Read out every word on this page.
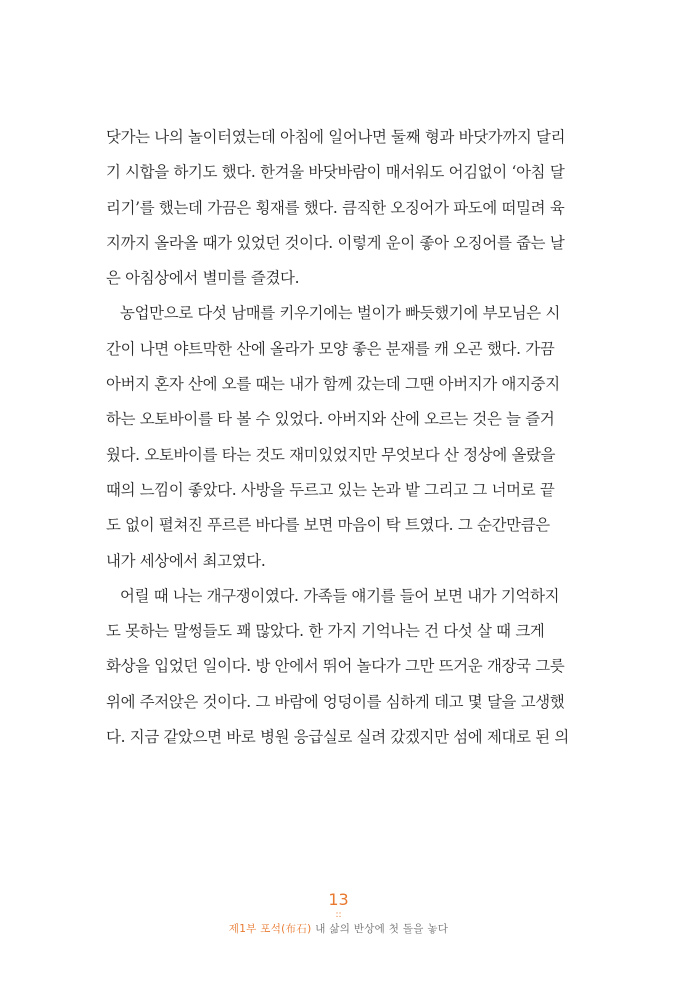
닷가는 나의 놀이터였는데 아침에 일어나면 둘째 형과 바닷가까지 달리
기 시합을 하기도 했다. 한겨울 바닷바람이 매서워도 어김없이 ‘아침 달
리기’를 했는데 가끔은 횡재를 했다. 큼직한 오징어가 파도에 떠밀려 육
지까지 올라올 때가 있었던 것이다. 이렇게 운이 좋아 오징어를 줍는 날
은 아침상에서 별미를 즐겼다.
농업만으로 다섯 남매를 키우기에는 벌이가 빠듯했기에 부모님은 시
간이 나면 야트막한 산에 올라가 모양 좋은 분재를 캐 오곤 했다. 가끔
아버지 혼자 산에 오를 때는 내가 함께 갔는데 그땐 아버지가 애지중지
하는 오토바이를 타 볼 수 있었다. 아버지와 산에 오르는 것은 늘 즐거
웠다. 오토바이를 타는 것도 재미있었지만 무엇보다 산 정상에 올랐을
때의 느낌이 좋았다. 사방을 두르고 있는 논과 밭 그리고 그 너머로 끝
도 없이 펼쳐진 푸르른 바다를 보면 마음이 탁 트였다. 그 순간만큼은
내가 세상에서 최고였다.
어릴 때 나는 개구쟁이였다. 가족들 얘기를 들어 보면 내가 기억하지
도 못하는 말썽들도 꽤 많았다. 한 가지 기억나는 건 다섯 살 때 크게
화상을 입었던 일이다. 방 안에서 뛰어 놀다가 그만 뜨거운 개장국 그릇
위에 주저앉은 것이다. 그 바람에 엉덩이를 심하게 데고 몇 달을 고생했
다. 지금 같았으면 바로 병원 응급실로 실려 갔겠지만 섬에 제대로 된 의
13
::
제1부 포석(布石) 내 삶의 반상에 첫 돌을 놓다
